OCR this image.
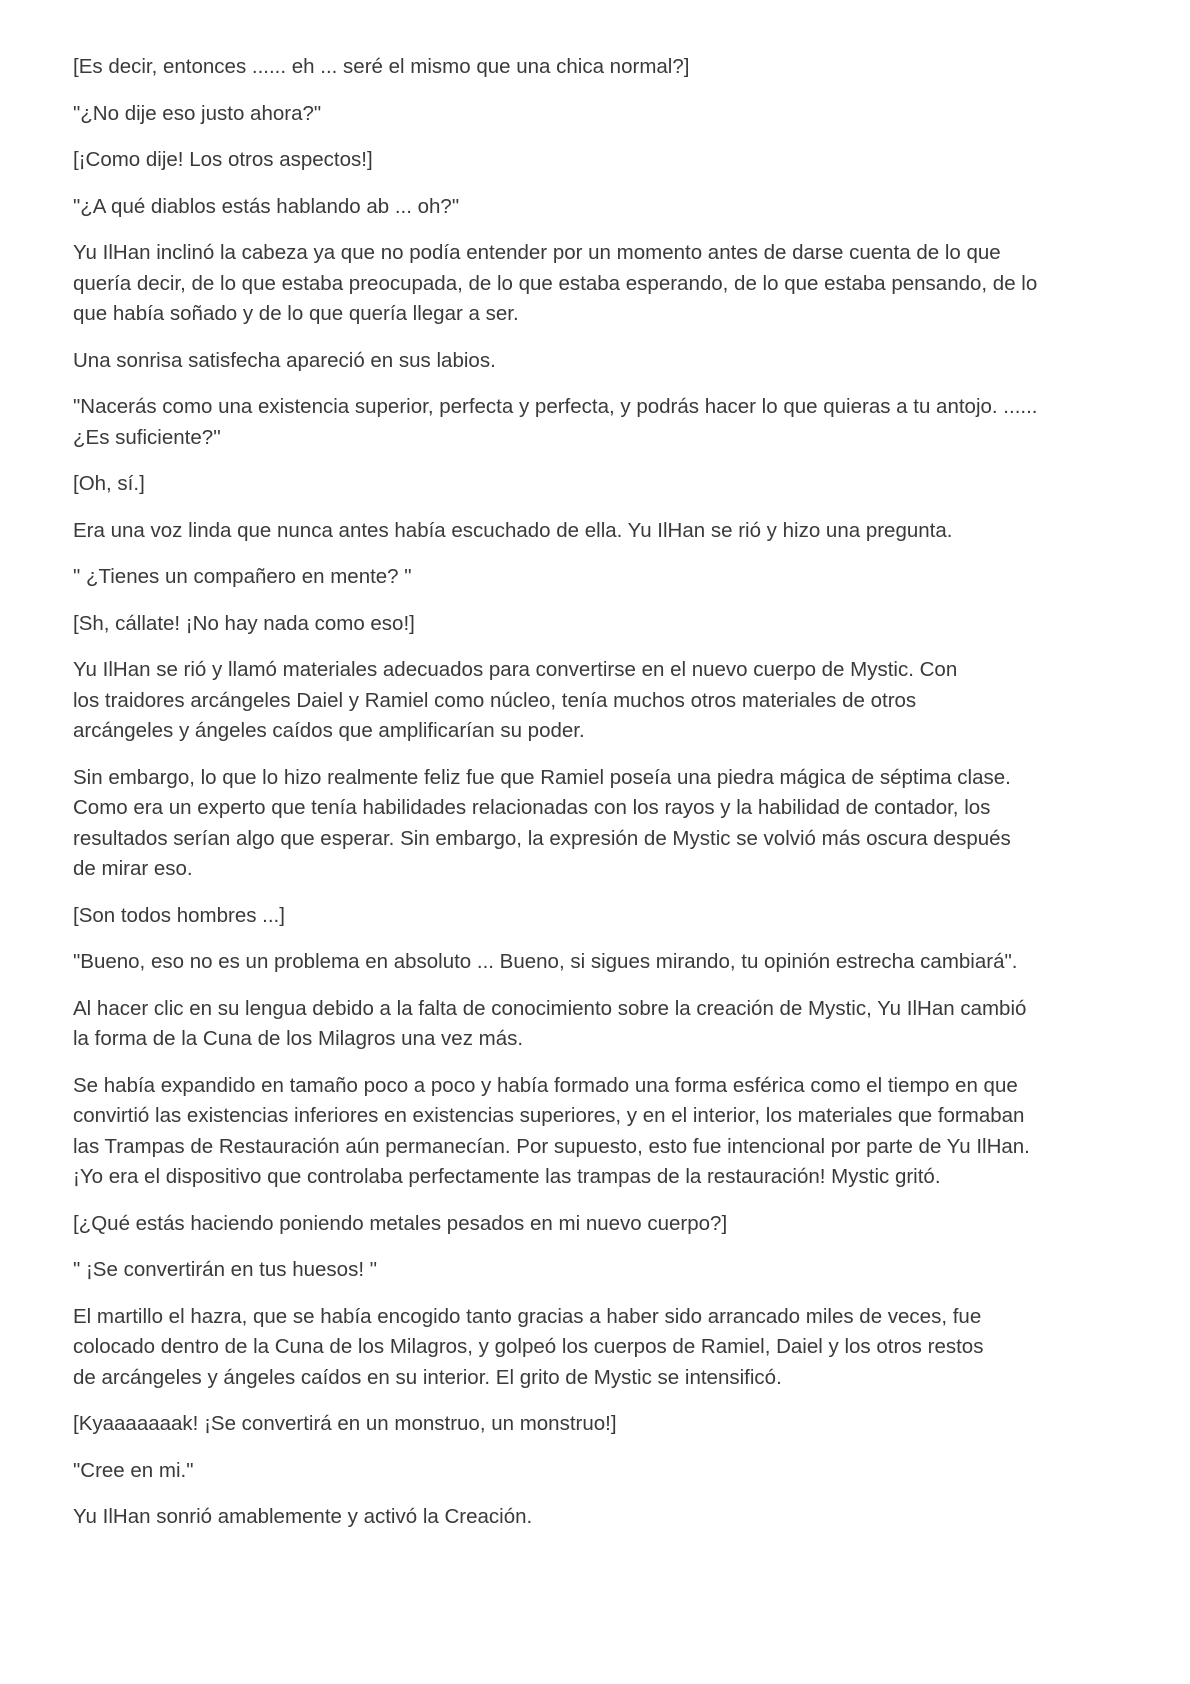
[Es decir, entonces ...... eh ... seré el mismo que una chica normal?]

"¿No dije eso justo ahora?"

[¡Como dije! Los otros aspectos!]

"¿A qué diablos estás hablando ab ... oh?"

Yu IlHan inclinó la cabeza ya que no podía entender por un momento antes de darse cuenta de lo que
quería decir, de lo que estaba preocupada, de lo que estaba esperando, de lo que estaba pensando, de lo
que había soñado y de lo que quería llegar a ser.

Una sonrisa satisfecha apareció en sus labios.

"Nacerás como una existencia superior, perfecta y perfecta, y podrás hacer lo que quieras a tu antojo. ......
¿Es suficiente?''

[Oh, sí.]

Era una voz linda que nunca antes había escuchado de ella. Yu IlHan se rió y hizo una pregunta.

" ¿Tienes un compañero en mente? "

[Sh, cállate! ¡No hay nada como eso!]

Yu IlHan se rió y llamó materiales adecuados para convertirse en el nuevo cuerpo de Mystic. Con
los traidores arcángeles Daiel y Ramiel como núcleo, tenía muchos otros materiales de otros
arcángeles y ángeles caídos que amplificarían su poder.

Sin embargo, lo que lo hizo realmente feliz fue que Ramiel poseía una piedra mágica de séptima clase.
Como era un experto que tenía habilidades relacionadas con los rayos y la habilidad de contador, los
resultados serían algo que esperar. Sin embargo, la expresión de Mystic se volvió más oscura después
de mirar eso.

[Son todos hombres ...]

"Bueno, eso no es un problema en absoluto ... Bueno, si sigues mirando, tu opinión estrecha cambiará".

Al hacer clic en su lengua debido a la falta de conocimiento sobre la creación de Mystic, Yu IlHan cambió
la forma de la Cuna de los Milagros una vez más.

Se había expandido en tamaño poco a poco y había formado una forma esférica como el tiempo en que
convirtió las existencias inferiores en existencias superiores, y en el interior, los materiales que formaban
las Trampas de Restauración aún permanecían. Por supuesto, esto fue intencional por parte de Yu IlHan.
¡Yo era el dispositivo que controlaba perfectamente las trampas de la restauración! Mystic gritó.

[¿Qué estás haciendo poniendo metales pesados en mi nuevo cuerpo?]

" ¡Se convertirán en tus huesos! "

El martillo el hazra, que se había encogido tanto gracias a haber sido arrancado miles de veces, fue
colocado dentro de la Cuna de los Milagros, y golpeó los cuerpos de Ramiel, Daiel y los otros restos
de arcángeles y ángeles caídos en su interior. El grito de Mystic se intensificó.

[Kyaaaaaaak! ¡Se convertirá en un monstruo, un monstruo!]

"Cree en mi."

Yu IlHan sonrió amablemente y activó la Creación.
